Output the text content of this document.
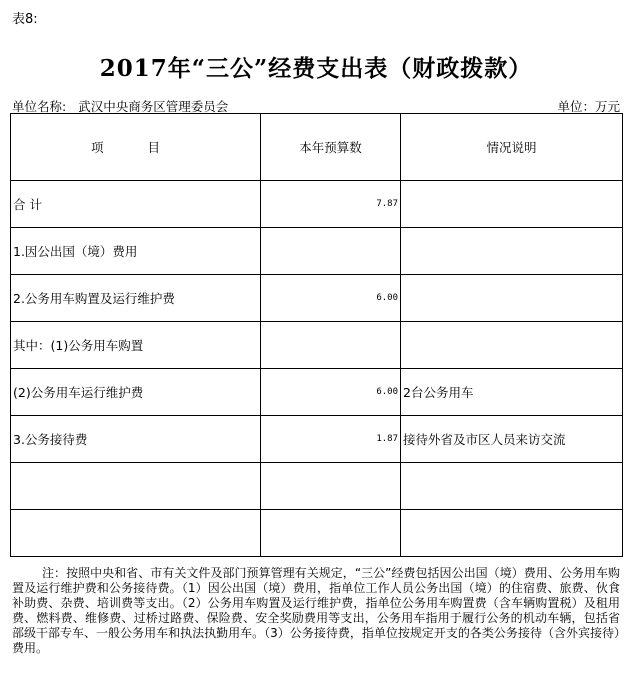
表8:
2017年“三公”经费支出表（财政拨款）
单位名称: 武汉中央商务区管理委员会	单位：万元
项 目	本年预算数	情况说明
合 计	7.87	
1.因公出国（境）费用		
2.公务用车购置及运行维护费	6.00	
其中：(1)公务用车购置		
(2)公务用车运行维护费	6.00	2台公务用车
3.公务接待费	1.87	接待外省及市区人员来访交流

注：按照中央和省、市有关文件及部门预算管理有关规定，“三公”经费包括因公出国（境）费用、公务用车购置及运行维护费和公务接待费。（1）因公出国（境）费用，指单位工作人员公务出国（境）的住宿费、旅费、伙食补助费、杂费、培训费等支出。（2）公务用车购置及运行维护费，指单位公务用车购置费（含车辆购置税）及租用费、燃料费、维修费、过桥过路费、保险费、安全奖励费用等支出，公务用车指用于履行公务的机动车辆，包括省部级干部专车、一般公务用车和执法执勤用车。（3）公务接待费，指单位按规定开支的各类公务接待（含外宾接待）费用。
